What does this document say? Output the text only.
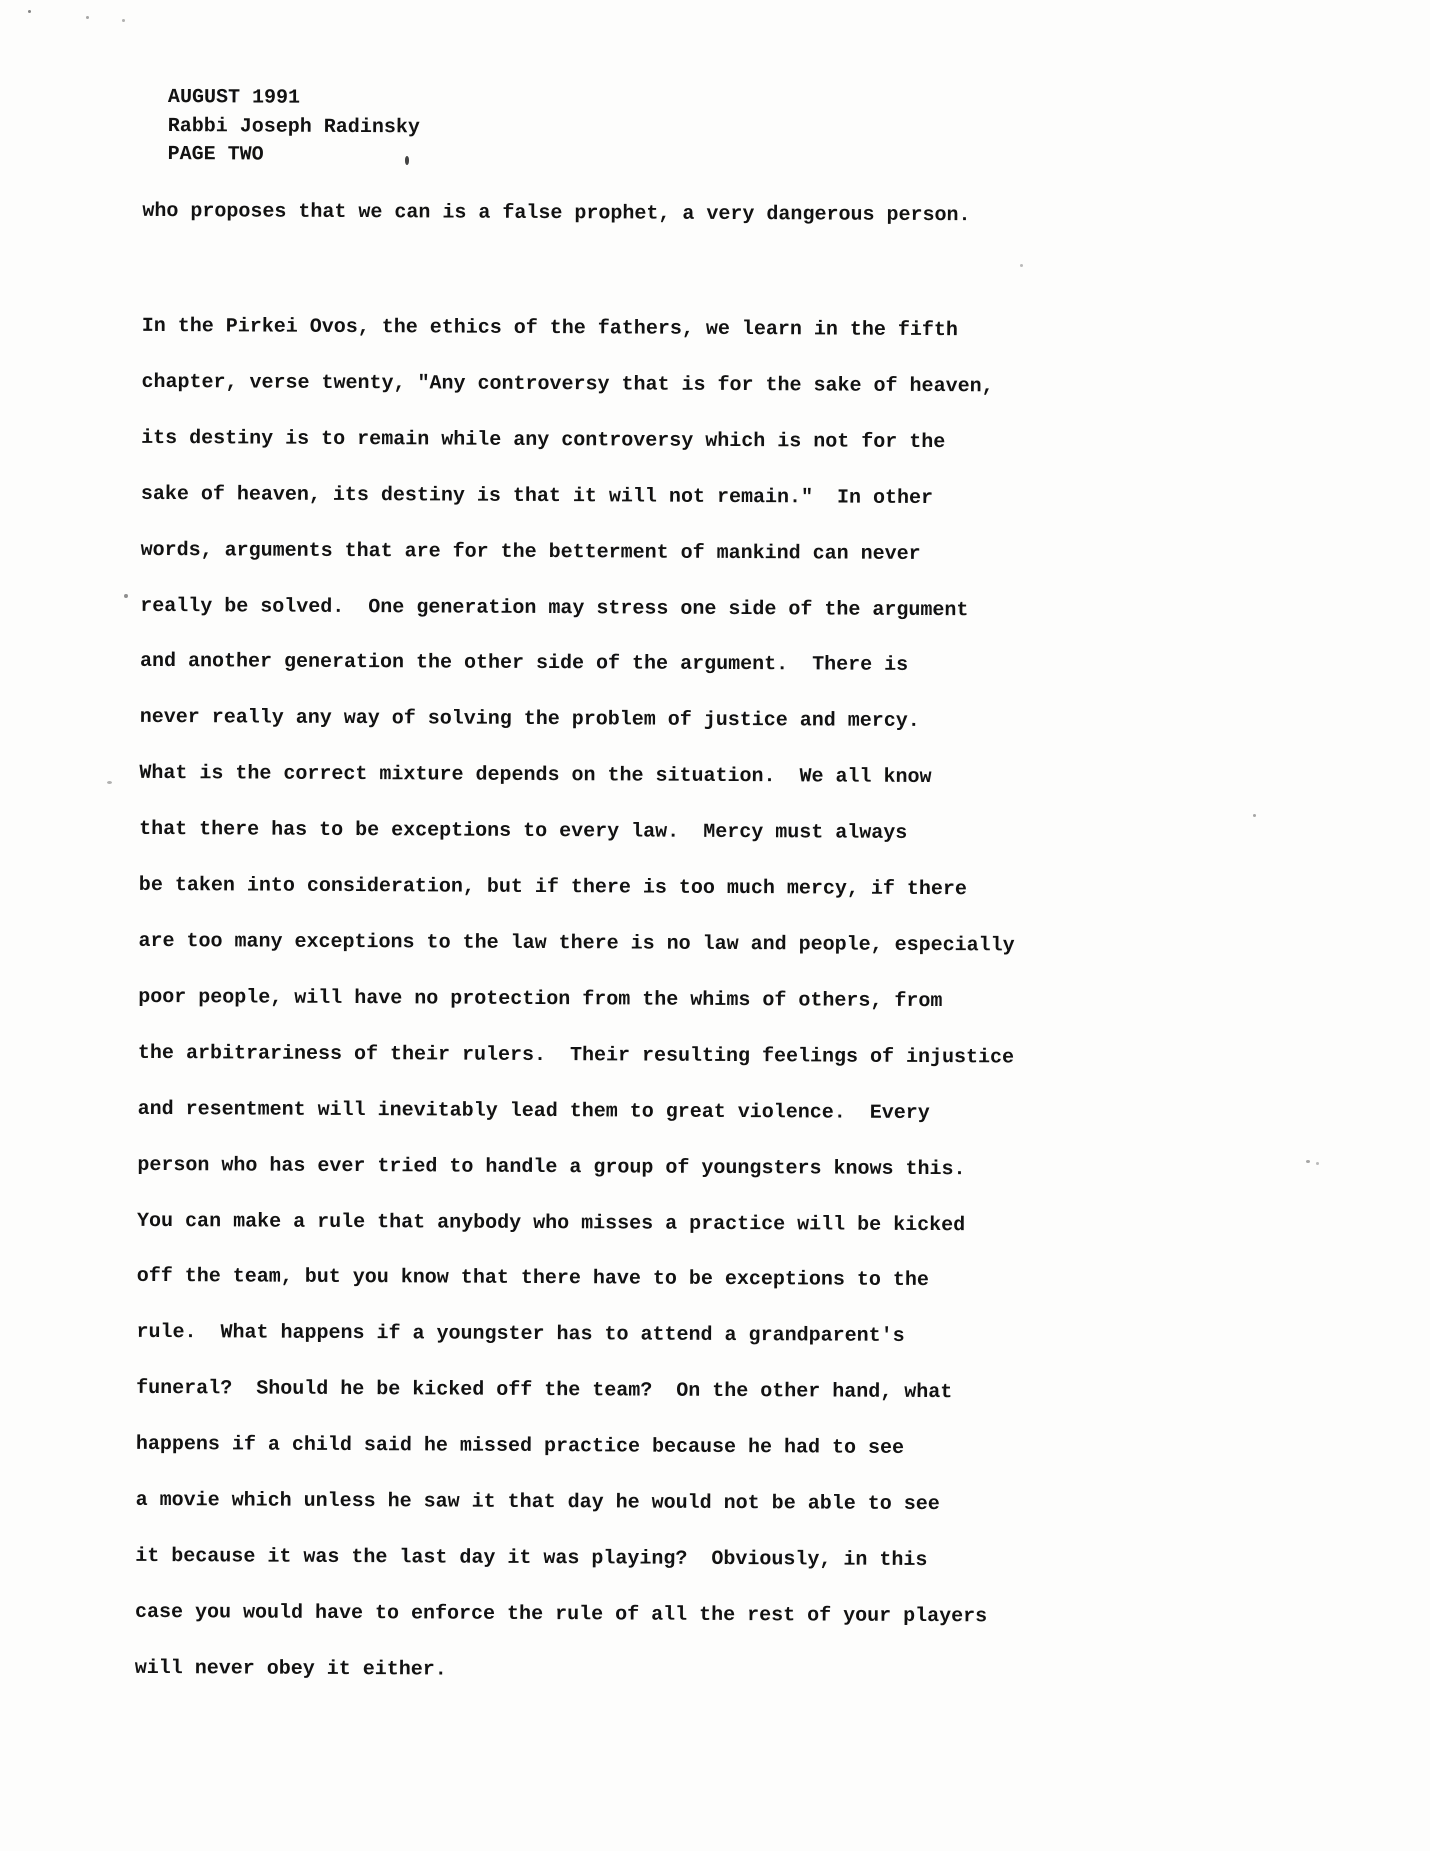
AUGUST 1991
Rabbi Joseph Radinsky
PAGE TWO
who proposes that we can is a false prophet, a very dangerous person.
In the Pirkei Ovos, the ethics of the fathers, we learn in the fifth
chapter, verse twenty, "Any controversy that is for the sake of heaven,
its destiny is to remain while any controversy which is not for the
sake of heaven, its destiny is that it will not remain."  In other
words, arguments that are for the betterment of mankind can never
really be solved.  One generation may stress one side of the argument
and another generation the other side of the argument.  There is
never really any way of solving the problem of justice and mercy.
What is the correct mixture depends on the situation.  We all know
that there has to be exceptions to every law.  Mercy must always
be taken into consideration, but if there is too much mercy, if there
are too many exceptions to the law there is no law and people, especially
poor people, will have no protection from the whims of others, from
the arbitrariness of their rulers.  Their resulting feelings of injustice
and resentment will inevitably lead them to great violence.  Every
person who has ever tried to handle a group of youngsters knows this.
You can make a rule that anybody who misses a practice will be kicked
off the team, but you know that there have to be exceptions to the
rule.  What happens if a youngster has to attend a grandparent's
funeral?  Should he be kicked off the team?  On the other hand, what
happens if a child said he missed practice because he had to see
a movie which unless he saw it that day he would not be able to see
it because it was the last day it was playing?  Obviously, in this
case you would have to enforce the rule of all the rest of your players
will never obey it either.
